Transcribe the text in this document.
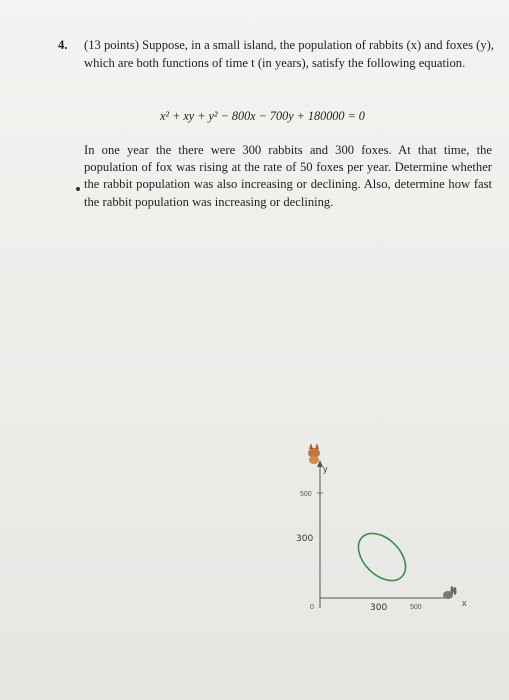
4. (13 points) Suppose, in a small island, the population of rabbits (x) and foxes (y), which are both functions of time t (in years), satisfy the following equation.
x² + xy + y² − 800x − 700y + 180000 = 0
In one year the there were 300 rabbits and 300 foxes. At that time, the population of fox was rising at the rate of 50 foxes per year. Determine whether the rabbit population was also increasing or declining. Also, determine how fast the rabbit population was increasing or declining.
y
x
500
300
0	300	500
